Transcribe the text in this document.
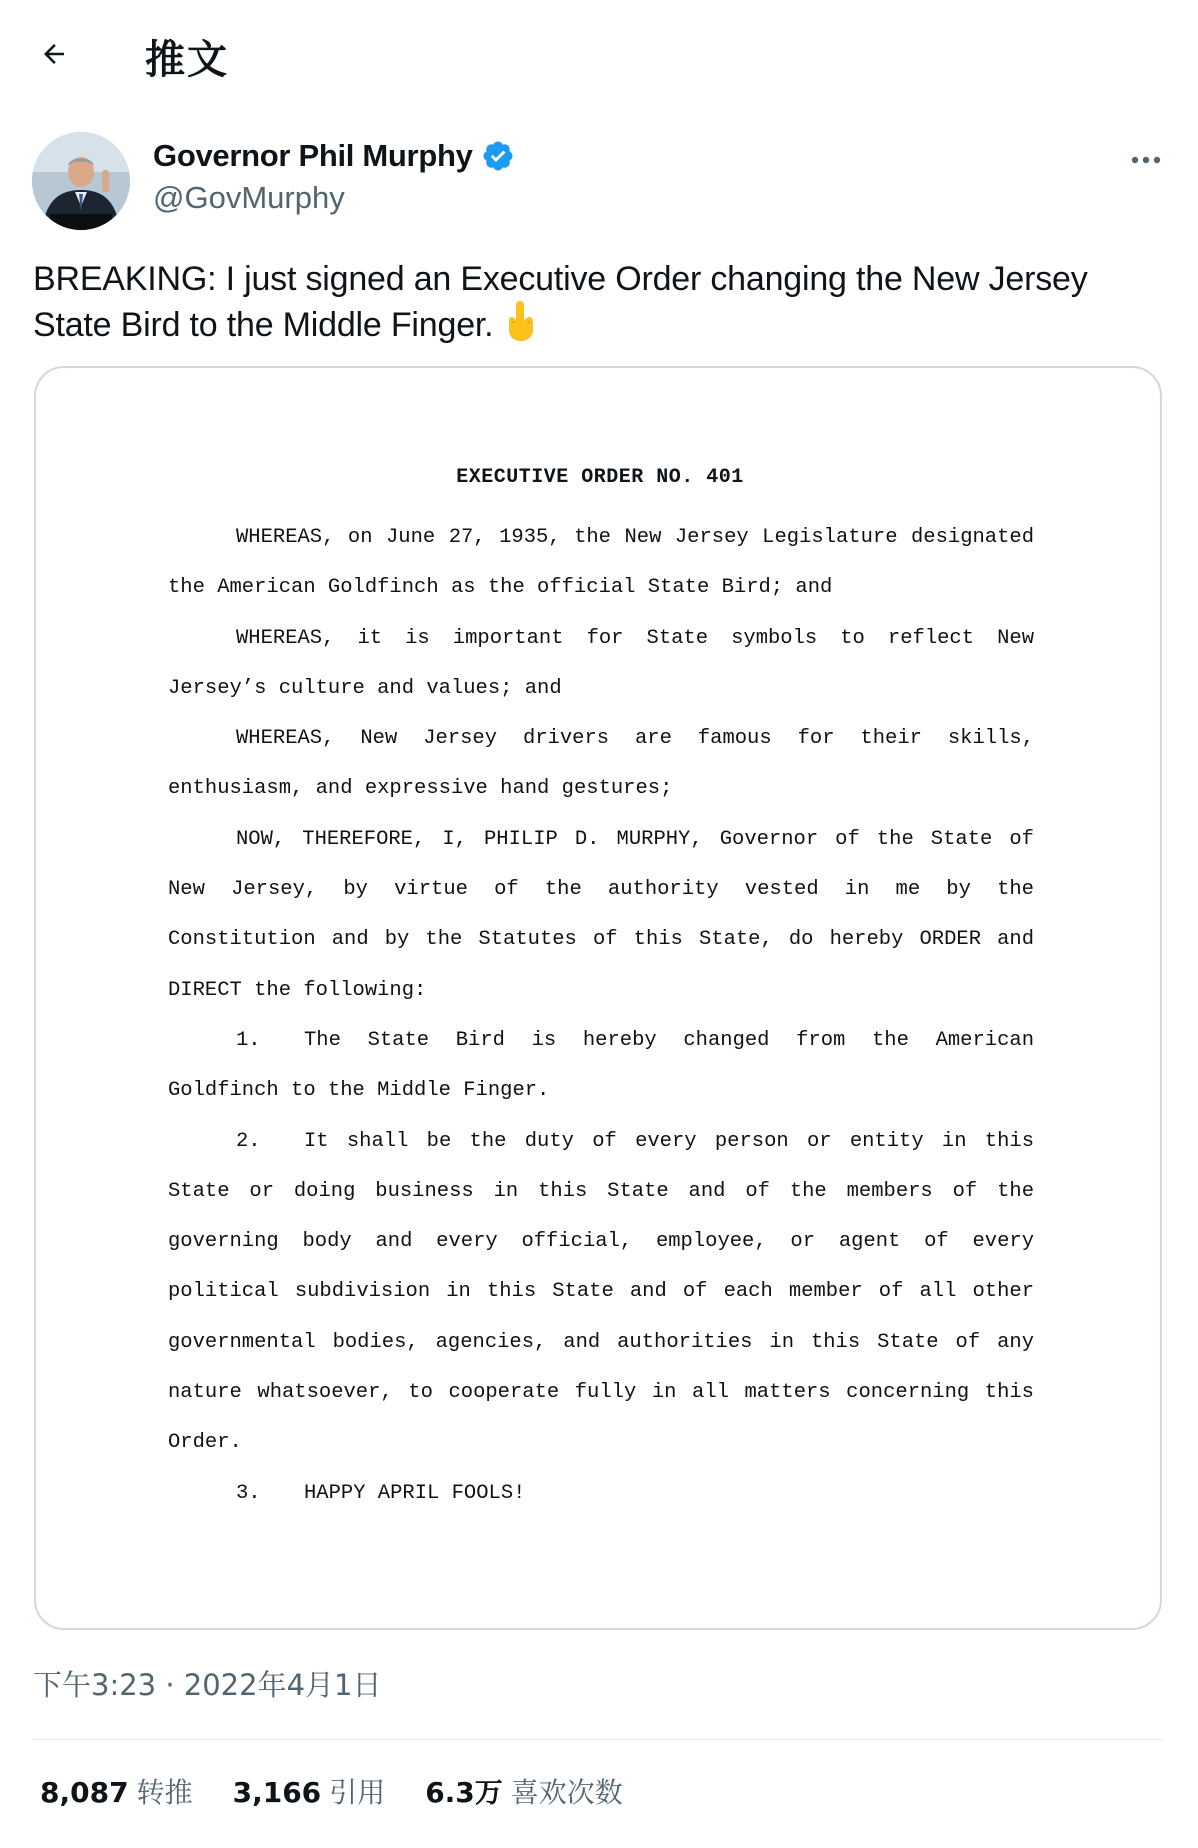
推文
Governor Phil Murphy
@GovMurphy
BREAKING: I just signed an Executive Order changing the New Jersey State Bird to the Middle Finger.
EXECUTIVE ORDER NO. 401

WHEREAS, on June 27, 1935, the New Jersey Legislature designated the American Goldfinch as the official State Bird; and

WHEREAS, it is important for State symbols to reflect New Jersey’s culture and values; and

WHEREAS, New Jersey drivers are famous for their skills, enthusiasm, and expressive hand gestures;

NOW, THEREFORE, I, PHILIP D. MURPHY, Governor of the State of New Jersey, by virtue of the authority vested in me by the Constitution and by the Statutes of this State, do hereby ORDER and DIRECT the following:

1. The State Bird is hereby changed from the American Goldfinch to the Middle Finger.

2. It shall be the duty of every person or entity in this State or doing business in this State and of the members of the governing body and every official, employee, or agent of every political subdivision in this State and of each member of all other governmental bodies, agencies, and authorities in this State of any nature whatsoever, to cooperate fully in all matters concerning this Order.

3. HAPPY APRIL FOOLS!

下午3:23 · 2022年4月1日
8,087 转推 3,166 引用 6.3万 喜欢次数
